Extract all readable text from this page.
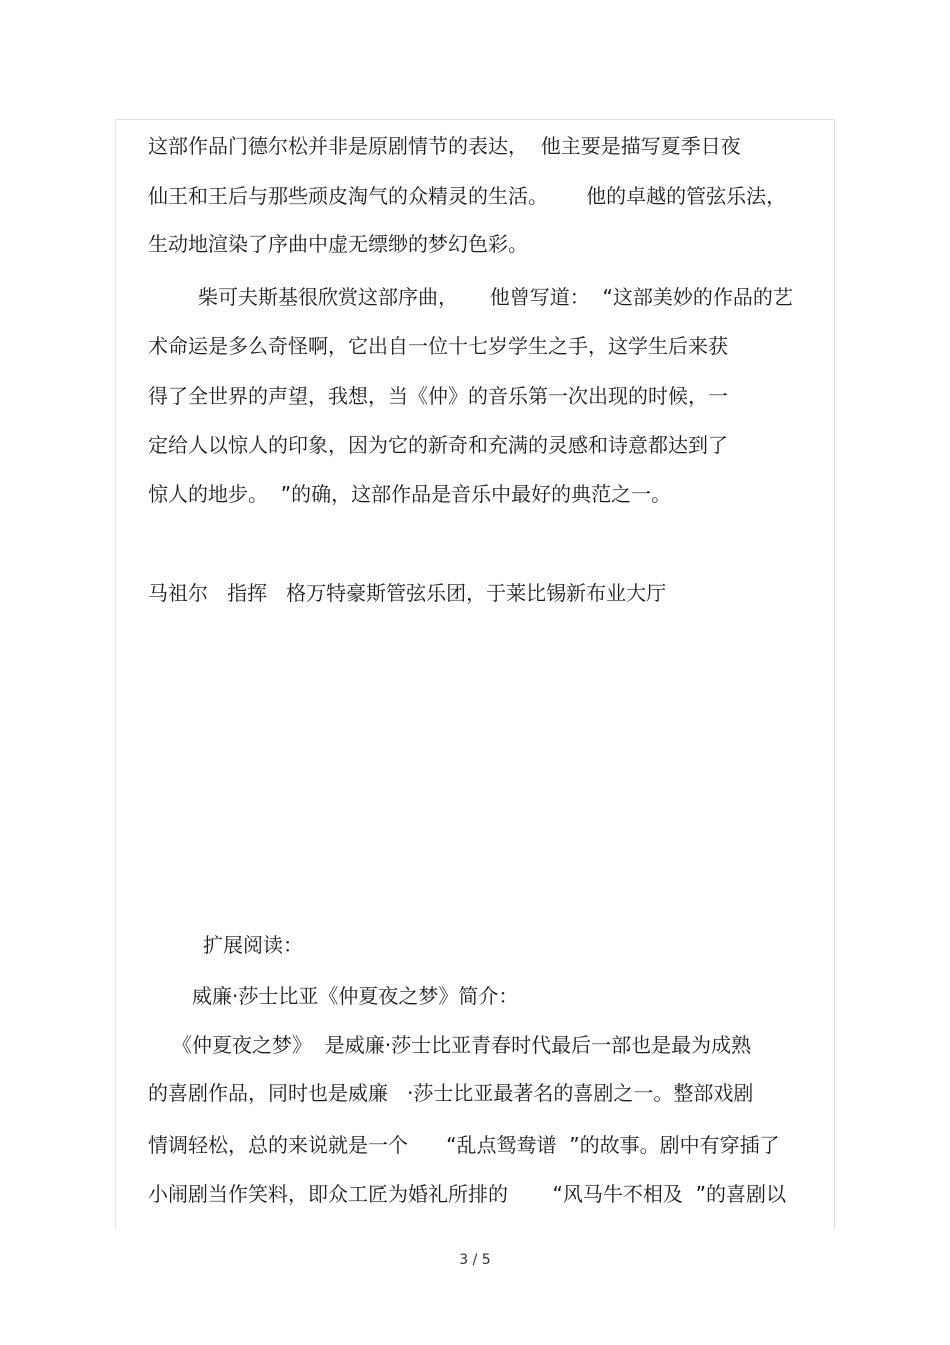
这部作品门德尔松并非是原剧情节的表达，  他主要是描写夏季日夜

仙王和王后与那些顽皮淘气的众精灵的生活。      他的卓越的管弦乐法，

生动地渲染了序曲中虚无缥缈的梦幻色彩。

柴可夫斯基很欣赏这部序曲，     他曾写道：  “这部美妙的作品的艺

术命运是多么奇怪啊，它出自一位十七岁学生之手，这学生后来获

得了全世界的声望，我想，当《仲》的音乐第一次出现的时候，一

定给人以惊人的印象，因为它的新奇和充满的灵感和诗意都达到了

惊人的地步。  ”的确，这部作品是音乐中最好的典范之一。

马祖尔   指挥   格万特豪斯管弦乐团，于莱比锡新布业大厅

扩展阅读：

威廉·莎士比亚《仲夏夜之梦》简介：

《仲夏夜之梦》  是威廉·莎士比亚青春时代最后一部也是最为成熟

的喜剧作品，同时也是威廉   ·莎士比亚最著名的喜剧之一。整部戏剧

情调轻松，总的来说就是一个      “乱点鸳鸯谱  ”的故事。剧中有穿插了

小闹剧当作笑料，即众工匠为婚礼所排的       “风马牛不相及  ”的喜剧以

3 / 5
